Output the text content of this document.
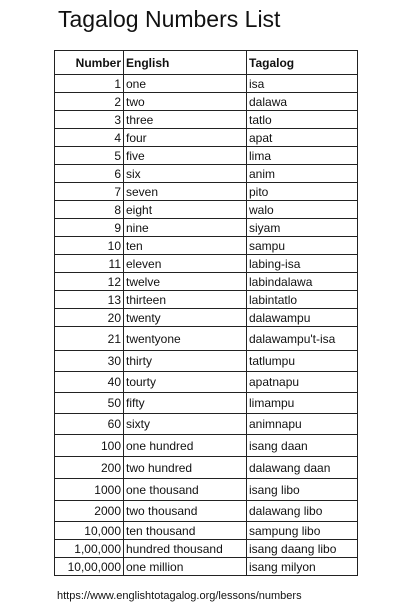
Tagalog Numbers List
Number	English	Tagalog
1	one	isa
2	two	dalawa
3	three	tatlo
4	four	apat
5	five	lima
6	six	anim
7	seven	pito
8	eight	walo
9	nine	siyam
10	ten	sampu
11	eleven	labing-isa
12	twelve	labindalawa
13	thirteen	labintatlo
20	twenty	dalawampu
21	twentyone	dalawampu't-isa
30	thirty	tatlumpu
40	tourty	apatnapu
50	fifty	limampu
60	sixty	animnapu
100	one hundred	isang daan
200	two hundred	dalawang daan
1000	one thousand	isang libo
2000	two thousand	dalawang libo
10,000	ten thousand	sampung libo
1,00,000	hundred thousand	isang daang libo
10,00,000	one million	isang milyon
https://www.englishtotagalog.org/lessons/numbers
